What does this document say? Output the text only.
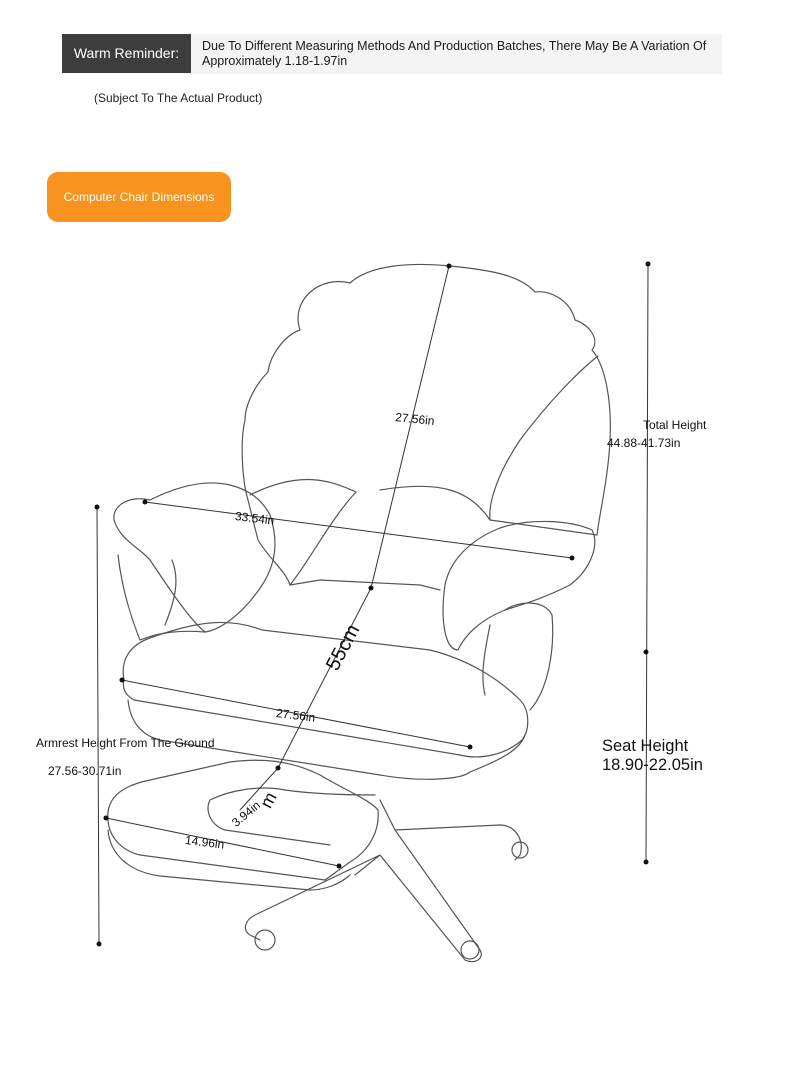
Warm Reminder:	Due To Different Measuring Methods And Production Batches, There May Be A Variation Of Approximately 1.18-1.97in
(Subject To The Actual Product)
Computer Chair Dimensions
27.56in	Total Height
44.88-41.73in
33.54in
55cm
27.56in
Armrest Height From The Ground
27.56-30.71in
Seat Height
18.90-22.05in
3.94in
m
14.96in
